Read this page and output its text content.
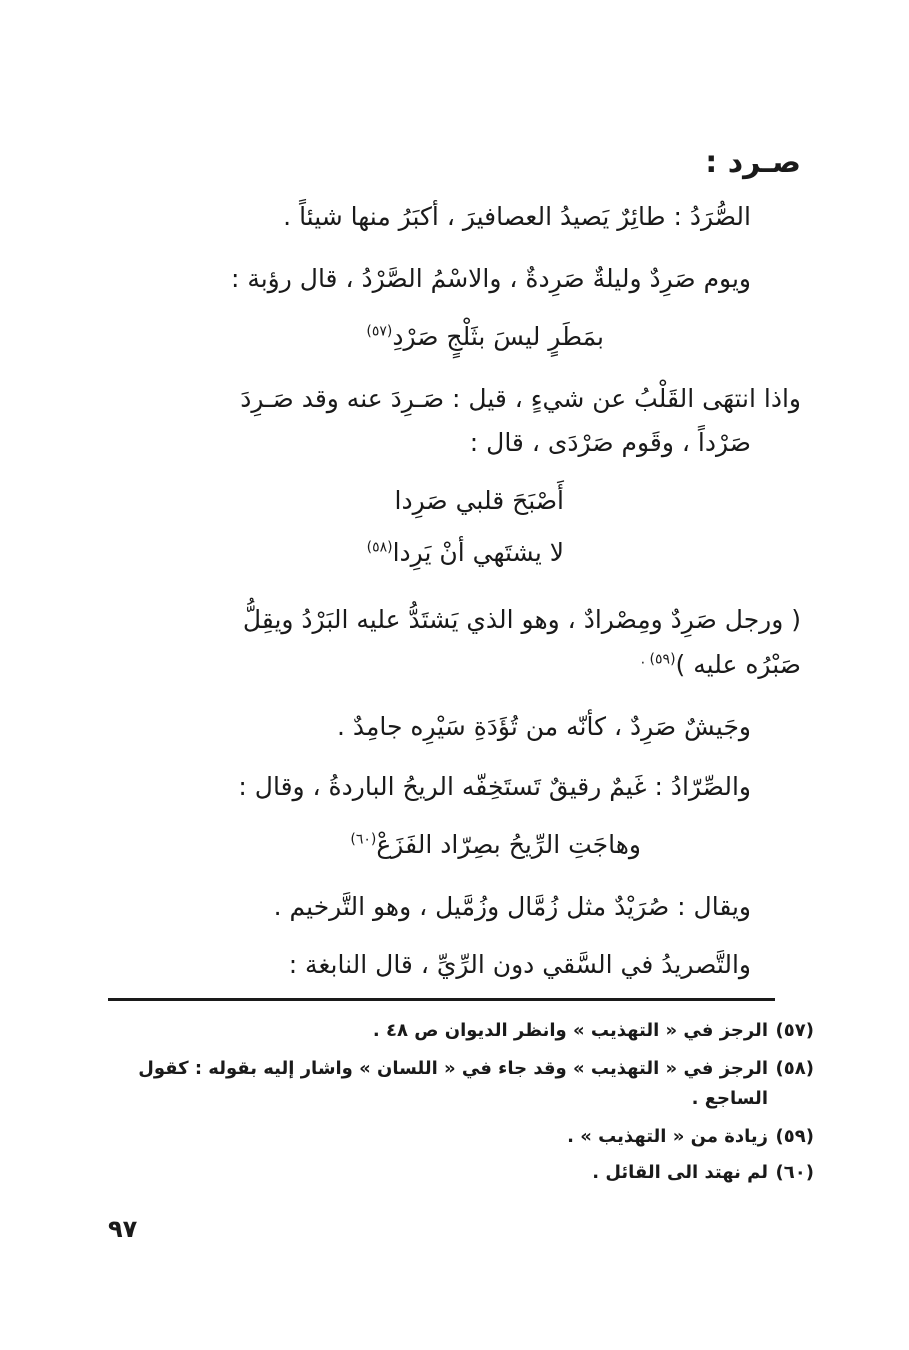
صـرد :
الصُّرَدُ : طائِرٌ يَصيدُ العصافيرَ ، أكبَرُ منها شيئاً .
ويوم صَرِدٌ وليلةٌ صَرِدةٌ ، والاسْمُ الصَّرْدُ ، قال رؤبة :
بمَطَرٍ ليسَ بثَلْجٍ صَرْدِ$^{(٥٧)}$
واذا انتهَى القَلْبُ عن شيءٍ ، قيل : صَـرِدَ عنه وقد صَـرِدَ
صَرْداً ، وقَوم صَرْدَى ، قال :
أَصْبَحَ قلبي صَرِدا
لا يشتَهي أنْ يَرِدا$^{(٥٨)}$
( ورجل صَرِدٌ ومِصْرادٌ ، وهو الذي يَشتَدُّ عليه البَرْدُ ويقِلُّ
صَبْرُه عليه )$^{(٥٩) .}$
وجَيشٌ صَرِدٌ ، كأنّه من تُؤَدَةِ سَيْرِه جامِدٌ .
والصِّرّادُ : غَيمٌ رقيقٌ تَستَخِفّه الريحُ الباردةُ ، وقال :
وهاجَتِ الرِّيحُ بصِرّاد الفَزَعْ$^{(٦٠)}$
ويقال : صُرَيْدٌ مثل زُمَّال وزُمَّيل ، وهو التَّرخيم .
والتَّصريدُ في السَّقي دون الرِّيِّ ، قال النابغة :
(٥٧)الرجز في « التهذيب » وانظر الديوان ص ٤٨ .
(٥٨)الرجز في « التهذيب » وقد جاء في « اللسان » واشار إليه بقوله : كقول
الساجع .
(٥٩)زيادة من « التهذيب » .
(٦٠)لم نهتد الى القائل .
٩٧
